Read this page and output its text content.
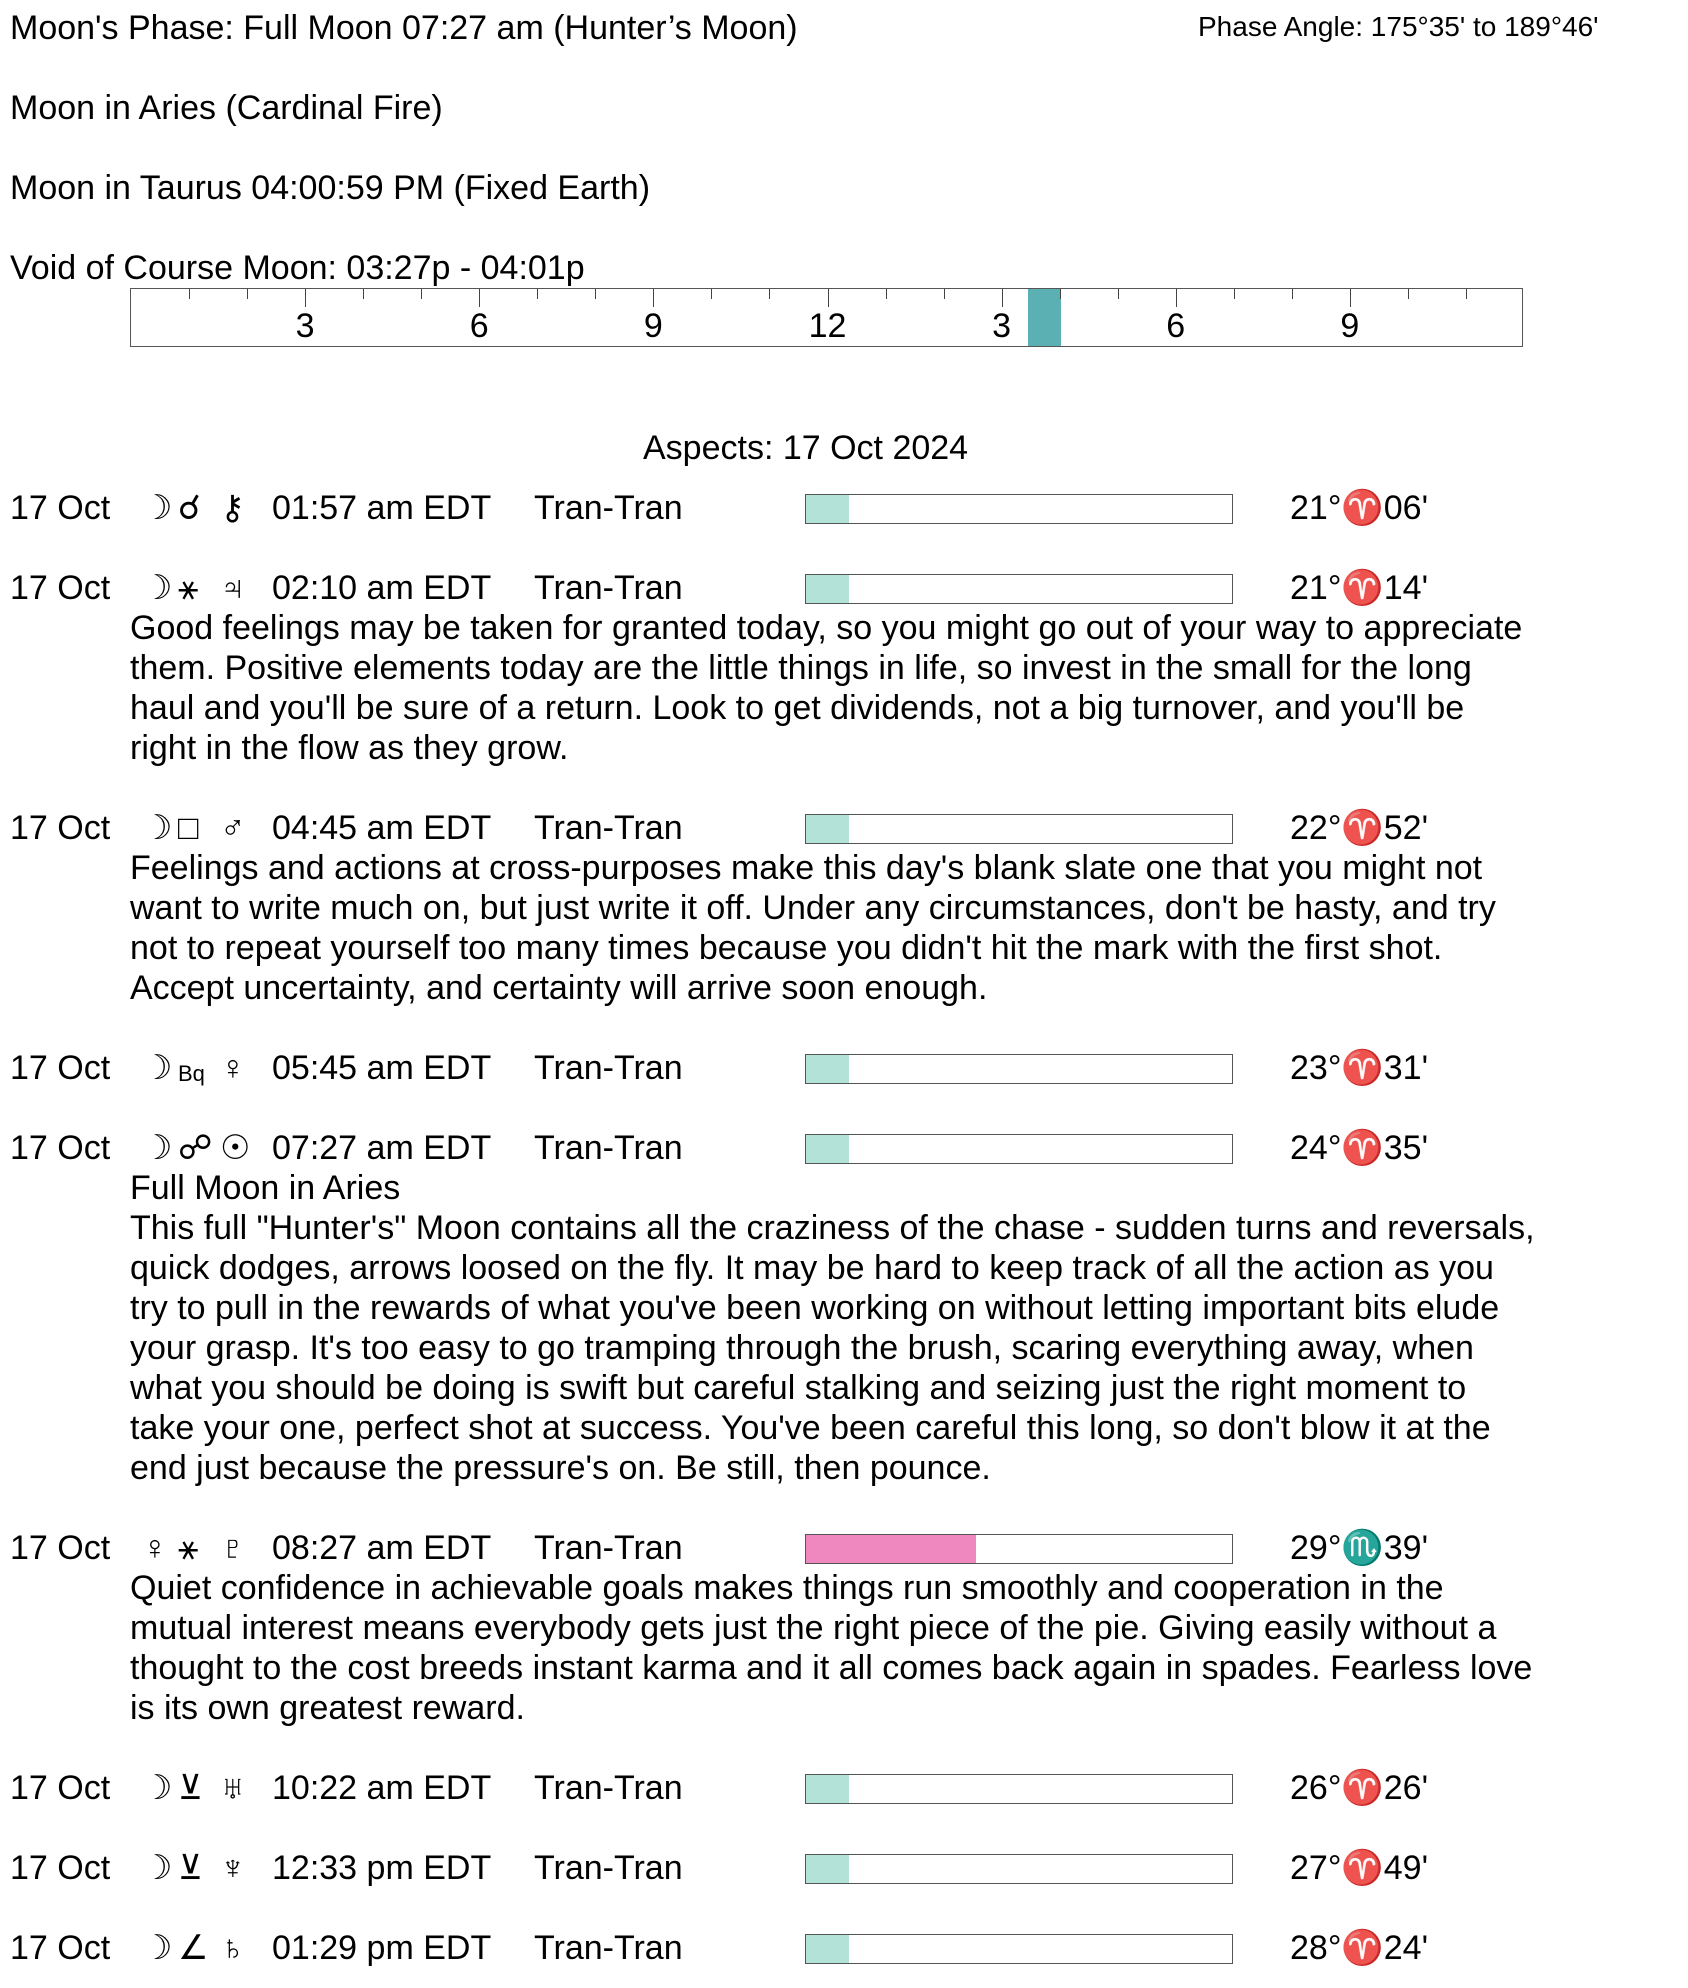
Moon's Phase: Full Moon 07:27 am (Hunter’s Moon)	Phase Angle: 175°35' to 189°46'
Moon in Aries (Cardinal Fire)
Moon in Taurus 04:00:59 PM (Fixed Earth)
Void of Course Moon: 03:27p - 04:01p
3	6	9	12	3	6	9
Aspects: 17 Oct 2024
17 Oct ☽ ☌ ⚷ 01:57 am EDT Tran-Tran	21°♈06'
17 Oct ☽ ⚹ ♃ 02:10 am EDT Tran-Tran	21°♈14'
Good feelings may be taken for granted today, so you might go out of your way to appreciate
them. Positive elements today are the little things in life, so invest in the small for the long
haul and you'll be sure of a return. Look to get dividends, not a big turnover, and you'll be
right in the flow as they grow.
17 Oct ☽ □ ♂ 04:45 am EDT Tran-Tran	22°♈52'
Feelings and actions at cross-purposes make this day's blank slate one that you might not
want to write much on, but just write it off. Under any circumstances, don't be hasty, and try
not to repeat yourself too many times because you didn't hit the mark with the first shot.
Accept uncertainty, and certainty will arrive soon enough.
17 Oct ☽ Bq ♀ 05:45 am EDT Tran-Tran	23°♈31'
17 Oct ☽ ☍ ☉ 07:27 am EDT Tran-Tran	24°♈35'
Full Moon in Aries
This full "Hunter's" Moon contains all the craziness of the chase - sudden turns and reversals,
quick dodges, arrows loosed on the fly. It may be hard to keep track of all the action as you
try to pull in the rewards of what you've been working on without letting important bits elude
your grasp. It's too easy to go tramping through the brush, scaring everything away, when
what you should be doing is swift but careful stalking and seizing just the right moment to
take your one, perfect shot at success. You've been careful this long, so don't blow it at the
end just because the pressure's on. Be still, then pounce.
17 Oct ♀ ⚹ ♇ 08:27 am EDT Tran-Tran	29°♏39'
Quiet confidence in achievable goals makes things run smoothly and cooperation in the
mutual interest means everybody gets just the right piece of the pie. Giving easily without a
thought to the cost breeds instant karma and it all comes back again in spades. Fearless love
is its own greatest reward.
17 Oct ☽ ⊻ ♅ 10:22 am EDT Tran-Tran	26°♈26'
17 Oct ☽ ⊻ ♆ 12:33 pm EDT Tran-Tran	27°♈49'
17 Oct ☽ ∠ ♄ 01:29 pm EDT Tran-Tran	28°♈24'
